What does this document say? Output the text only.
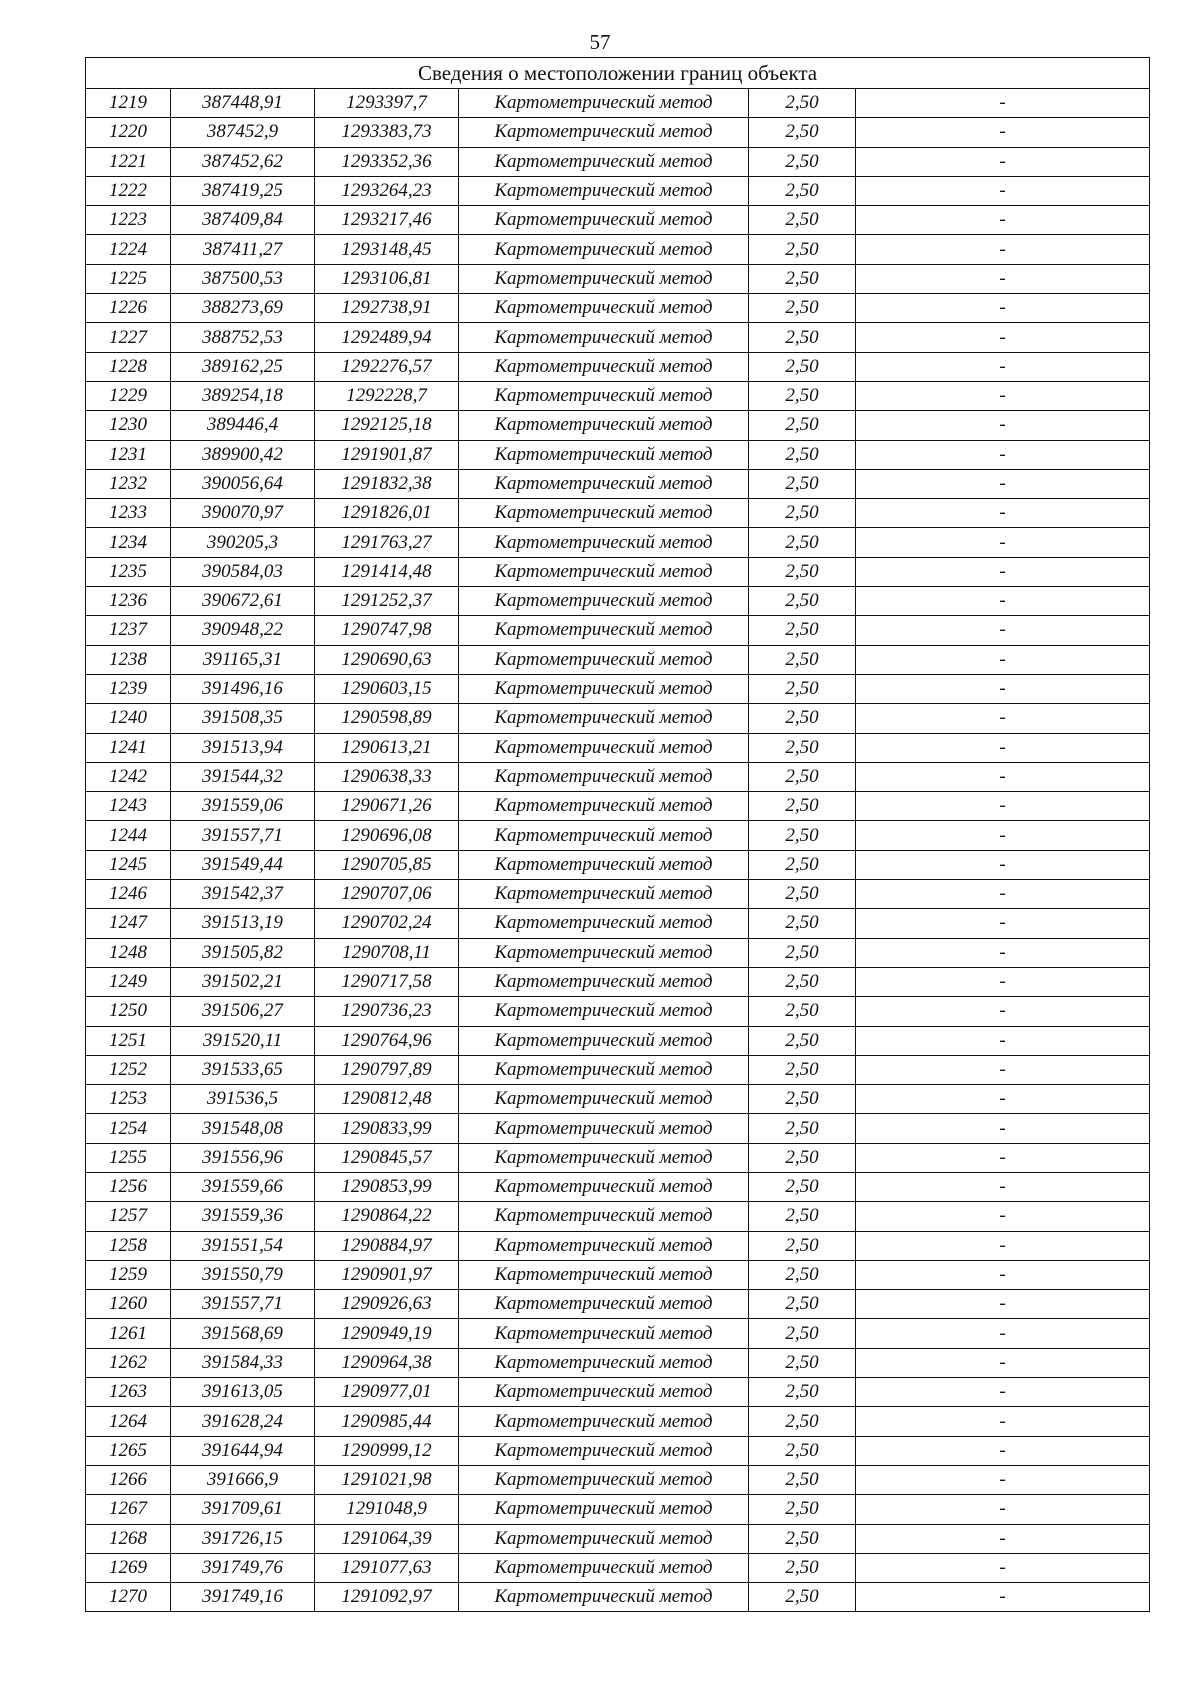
57
Сведения о местоположении границ объекта					
1219	387448,91	1293397,7	Картометрический метод	2,50	-
1220	387452,9	1293383,73	Картометрический метод	2,50	-
1221	387452,62	1293352,36	Картометрический метод	2,50	-
1222	387419,25	1293264,23	Картометрический метод	2,50	-
1223	387409,84	1293217,46	Картометрический метод	2,50	-
1224	387411,27	1293148,45	Картометрический метод	2,50	-
1225	387500,53	1293106,81	Картометрический метод	2,50	-
1226	388273,69	1292738,91	Картометрический метод	2,50	-
1227	388752,53	1292489,94	Картометрический метод	2,50	-
1228	389162,25	1292276,57	Картометрический метод	2,50	-
1229	389254,18	1292228,7	Картометрический метод	2,50	-
1230	389446,4	1292125,18	Картометрический метод	2,50	-
1231	389900,42	1291901,87	Картометрический метод	2,50	-
1232	390056,64	1291832,38	Картометрический метод	2,50	-
1233	390070,97	1291826,01	Картометрический метод	2,50	-
1234	390205,3	1291763,27	Картометрический метод	2,50	-
1235	390584,03	1291414,48	Картометрический метод	2,50	-
1236	390672,61	1291252,37	Картометрический метод	2,50	-
1237	390948,22	1290747,98	Картометрический метод	2,50	-
1238	391165,31	1290690,63	Картометрический метод	2,50	-
1239	391496,16	1290603,15	Картометрический метод	2,50	-
1240	391508,35	1290598,89	Картометрический метод	2,50	-
1241	391513,94	1290613,21	Картометрический метод	2,50	-
1242	391544,32	1290638,33	Картометрический метод	2,50	-
1243	391559,06	1290671,26	Картометрический метод	2,50	-
1244	391557,71	1290696,08	Картометрический метод	2,50	-
1245	391549,44	1290705,85	Картометрический метод	2,50	-
1246	391542,37	1290707,06	Картометрический метод	2,50	-
1247	391513,19	1290702,24	Картометрический метод	2,50	-
1248	391505,82	1290708,11	Картометрический метод	2,50	-
1249	391502,21	1290717,58	Картометрический метод	2,50	-
1250	391506,27	1290736,23	Картометрический метод	2,50	-
1251	391520,11	1290764,96	Картометрический метод	2,50	-
1252	391533,65	1290797,89	Картометрический метод	2,50	-
1253	391536,5	1290812,48	Картометрический метод	2,50	-
1254	391548,08	1290833,99	Картометрический метод	2,50	-
1255	391556,96	1290845,57	Картометрический метод	2,50	-
1256	391559,66	1290853,99	Картометрический метод	2,50	-
1257	391559,36	1290864,22	Картометрический метод	2,50	-
1258	391551,54	1290884,97	Картометрический метод	2,50	-
1259	391550,79	1290901,97	Картометрический метод	2,50	-
1260	391557,71	1290926,63	Картометрический метод	2,50	-
1261	391568,69	1290949,19	Картометрический метод	2,50	-
1262	391584,33	1290964,38	Картометрический метод	2,50	-
1263	391613,05	1290977,01	Картометрический метод	2,50	-
1264	391628,24	1290985,44	Картометрический метод	2,50	-
1265	391644,94	1290999,12	Картометрический метод	2,50	-
1266	391666,9	1291021,98	Картометрический метод	2,50	-
1267	391709,61	1291048,9	Картометрический метод	2,50	-
1268	391726,15	1291064,39	Картометрический метод	2,50	-
1269	391749,76	1291077,63	Картометрический метод	2,50	-
1270	391749,16	1291092,97	Картометрический метод	2,50	-
